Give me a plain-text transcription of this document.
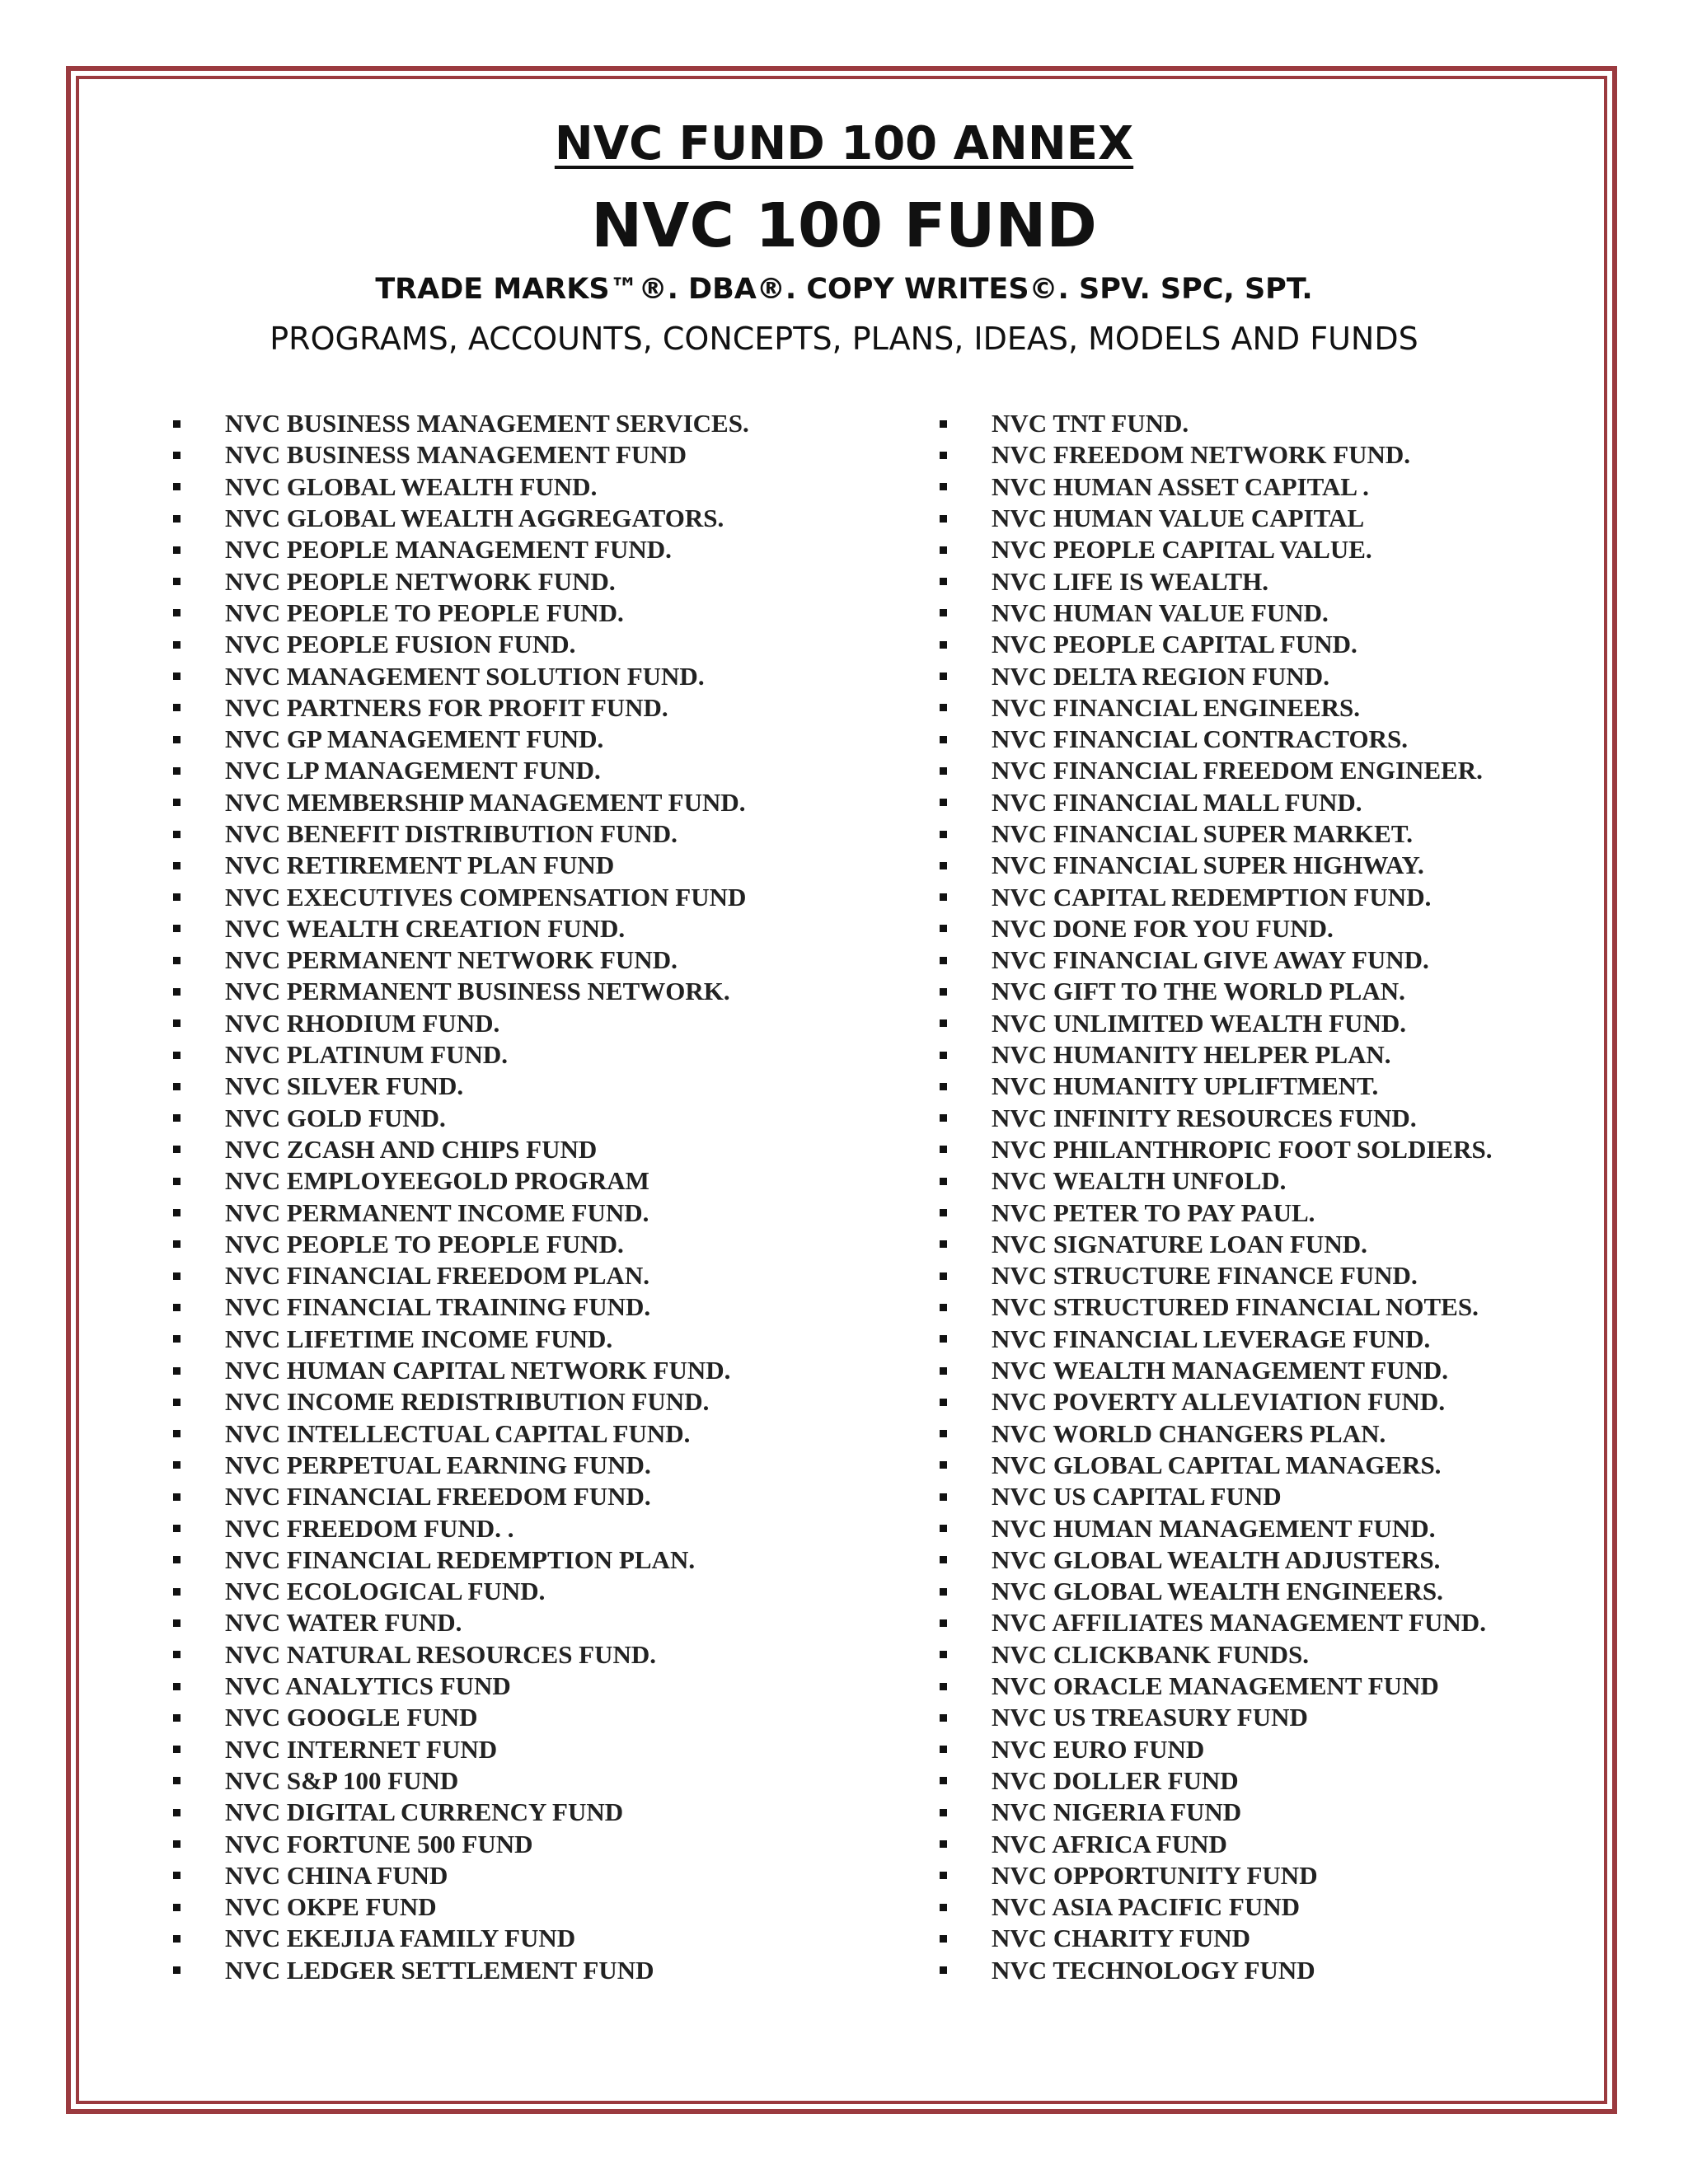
NVC FUND 100 ANNEX
NVC 100 FUND
TRADE MARKS™®. DBA®. COPY WRITES©. SPV. SPC, SPT.
PROGRAMS, ACCOUNTS, CONCEPTS, PLANS, IDEAS, MODELS AND FUNDS
NVC BUSINESS MANAGEMENT SERVICES.
NVC BUSINESS MANAGEMENT FUND
NVC GLOBAL WEALTH FUND.
NVC GLOBAL WEALTH AGGREGATORS.
NVC PEOPLE MANAGEMENT FUND.
NVC PEOPLE NETWORK FUND.
NVC PEOPLE TO PEOPLE FUND.
NVC PEOPLE FUSION FUND.
NVC MANAGEMENT SOLUTION FUND.
NVC PARTNERS FOR PROFIT FUND.
NVC GP MANAGEMENT FUND.
NVC LP MANAGEMENT FUND.
NVC MEMBERSHIP MANAGEMENT FUND.
NVC BENEFIT DISTRIBUTION FUND.
NVC RETIREMENT PLAN FUND
NVC EXECUTIVES COMPENSATION FUND
NVC WEALTH CREATION FUND.
NVC PERMANENT NETWORK FUND.
NVC PERMANENT BUSINESS NETWORK.
NVC RHODIUM FUND.
NVC PLATINUM FUND.
NVC SILVER FUND.
NVC GOLD FUND.
NVC ZCASH AND CHIPS FUND
NVC EMPLOYEEGOLD PROGRAM
NVC PERMANENT INCOME FUND.
NVC PEOPLE TO PEOPLE FUND.
NVC FINANCIAL FREEDOM PLAN.
NVC FINANCIAL TRAINING FUND.
NVC LIFETIME INCOME FUND.
NVC HUMAN CAPITAL NETWORK FUND.
NVC INCOME REDISTRIBUTION FUND.
NVC INTELLECTUAL CAPITAL FUND.
NVC PERPETUAL EARNING FUND.
NVC FINANCIAL FREEDOM FUND.
NVC FREEDOM FUND. .
NVC FINANCIAL REDEMPTION PLAN.
NVC ECOLOGICAL FUND.
NVC WATER FUND.
NVC NATURAL RESOURCES FUND.
NVC ANALYTICS FUND
NVC GOOGLE FUND
NVC INTERNET FUND
NVC S&P 100 FUND
NVC DIGITAL CURRENCY FUND
NVC FORTUNE 500 FUND
NVC CHINA FUND
NVC OKPE FUND
NVC EKEJIJA FAMILY FUND
NVC LEDGER SETTLEMENT FUND
NVC TNT FUND.
NVC FREEDOM NETWORK FUND.
NVC HUMAN ASSET CAPITAL .
NVC HUMAN VALUE CAPITAL
NVC PEOPLE CAPITAL VALUE.
NVC LIFE IS WEALTH.
NVC HUMAN VALUE FUND.
NVC PEOPLE CAPITAL FUND.
NVC DELTA REGION FUND.
NVC FINANCIAL ENGINEERS.
NVC FINANCIAL CONTRACTORS.
NVC FINANCIAL FREEDOM ENGINEER.
NVC FINANCIAL MALL FUND.
NVC FINANCIAL SUPER MARKET.
NVC FINANCIAL SUPER HIGHWAY.
NVC CAPITAL REDEMPTION FUND.
NVC DONE FOR YOU FUND.
NVC FINANCIAL GIVE AWAY FUND.
NVC GIFT TO THE WORLD PLAN.
NVC UNLIMITED WEALTH FUND.
NVC HUMANITY HELPER PLAN.
NVC HUMANITY UPLIFTMENT.
NVC INFINITY RESOURCES FUND.
NVC PHILANTHROPIC FOOT SOLDIERS.
NVC WEALTH UNFOLD.
NVC PETER TO PAY PAUL.
NVC SIGNATURE LOAN FUND.
NVC STRUCTURE FINANCE FUND.
NVC STRUCTURED FINANCIAL NOTES.
NVC FINANCIAL LEVERAGE FUND.
NVC WEALTH MANAGEMENT FUND.
NVC POVERTY ALLEVIATION FUND.
NVC WORLD CHANGERS PLAN.
NVC GLOBAL CAPITAL MANAGERS.
NVC US CAPITAL FUND
NVC HUMAN MANAGEMENT FUND.
NVC GLOBAL WEALTH ADJUSTERS.
NVC GLOBAL WEALTH ENGINEERS.
NVC AFFILIATES MANAGEMENT FUND.
NVC CLICKBANK FUNDS.
NVC ORACLE MANAGEMENT FUND
NVC US TREASURY FUND
NVC EURO FUND
NVC DOLLER FUND
NVC NIGERIA FUND
NVC AFRICA FUND
NVC OPPORTUNITY FUND
NVC ASIA PACIFIC FUND
NVC CHARITY FUND
NVC TECHNOLOGY FUND
